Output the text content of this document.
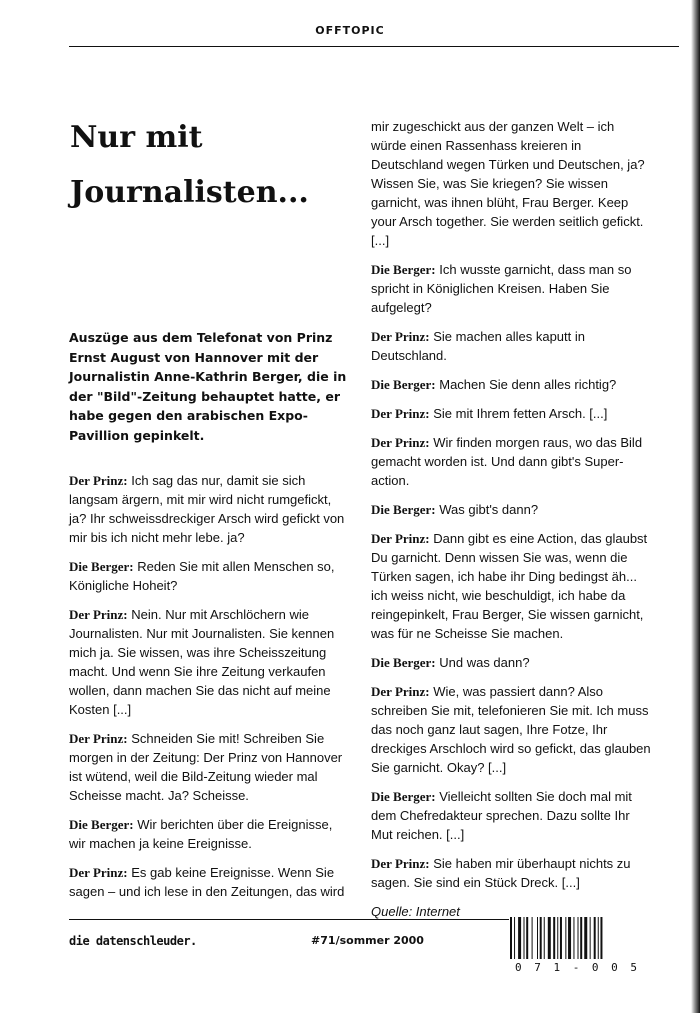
OFFTOPIC
Nur mit
Journalisten...

Auszüge aus dem Telefonat von Prinz Ernst August von Hannover mit der Journalistin Anne-Kathrin Berger, die in der "Bild"-Zeitung behauptet hatte, er habe gegen den arabischen Expo-Pavillion gepinkelt.

Der Prinz: Ich sag das nur, damit sie sich langsam ärgern, mit mir wird nicht rumgefickt, ja? Ihr schweissdreckiger Arsch wird gefickt von mir bis ich nicht mehr lebe. ja?

Die Berger: Reden Sie mit allen Menschen so, Königliche Hoheit?

Der Prinz: Nein. Nur mit Arschlöchern wie Journalisten. Nur mit Journalisten. Sie kennen mich ja. Sie wissen, was ihre Scheisszeitung macht. Und wenn Sie ihre Zeitung verkaufen wollen, dann machen Sie das nicht auf meine Kosten [...]

Der Prinz: Schneiden Sie mit! Schreiben Sie morgen in der Zeitung: Der Prinz von Hannover ist wütend, weil die Bild-Zeitung wieder mal Scheisse macht. Ja? Scheisse.

Die Berger: Wir berichten über die Ereignisse, wir machen ja keine Ereignisse.

Der Prinz: Es gab keine Ereignisse. Wenn Sie sagen – und ich lese in den Zeitungen, das wird

mir zugeschickt aus der ganzen Welt – ich würde einen Rassenhass kreieren in Deutschland wegen Türken und Deutschen, ja? Wissen Sie, was Sie kriegen? Sie wissen garnicht, was ihnen blüht, Frau Berger. Keep your Arsch together. Sie werden seitlich gefickt. [...]

Die Berger: Ich wusste garnicht, dass man so spricht in Königlichen Kreisen. Haben Sie aufgelegt?

Der Prinz: Sie machen alles kaputt in Deutschland.

Die Berger: Machen Sie denn alles richtig?

Der Prinz: Sie mit Ihrem fetten Arsch. [...]

Der Prinz: Wir finden morgen raus, wo das Bild gemacht worden ist. Und dann gibt's Super-action.

Die Berger: Was gibt's dann?

Der Prinz: Dann gibt es eine Action, das glaubst Du garnicht. Denn wissen Sie was, wenn die Türken sagen, ich habe ihr Ding bedingst äh... ich weiss nicht, wie beschuldigt, ich habe da reingepinkelt, Frau Berger, Sie wissen garnicht, was für ne Scheisse Sie machen.

Die Berger: Und was dann?

Der Prinz: Wie, was passiert dann? Also schreiben Sie mit, telefonieren Sie mit. Ich muss das noch ganz laut sagen, Ihre Fotze, Ihr dreckiges Arschloch wird so gefickt, das glauben Sie garnicht. Okay? [...]

Die Berger: Vielleicht sollten Sie doch mal mit dem Chefredakteur sprechen. Dazu sollte Ihr Mut reichen. [...]

Der Prinz: Sie haben mir überhaupt nichts zu sagen. Sie sind ein Stück Dreck. [...]

Quelle: Internet

die datenschleuder.	#71/sommer 2000
0 7 1 - 0 0 5
